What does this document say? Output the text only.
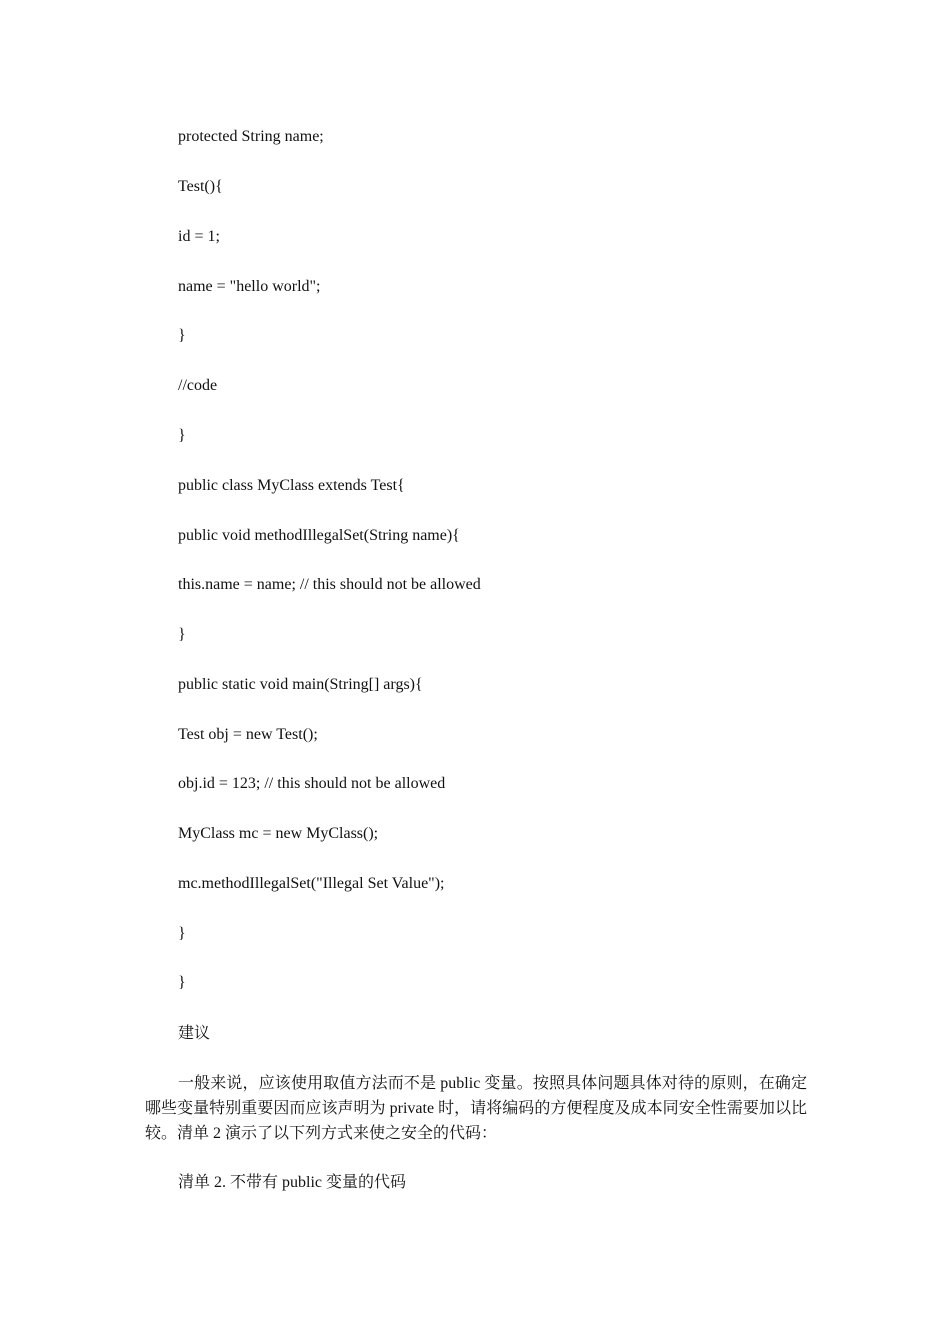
protected String name;
Test(){
id = 1;
name = "hello world";
}
//code
}
public class MyClass extends Test{
public void methodIllegalSet(String name){
this.name = name; // this should not be allowed
}
public static void main(String[] args){
Test obj = new Test();
obj.id = 123; // this should not be allowed
MyClass mc = new MyClass();
mc.methodIllegalSet("Illegal Set Value");
}
}
建议
一般来说，应该使用取值方法而不是 public 变量。按照具体问题具体对待的原则，在确定哪些变量特别重要因而应该声明为 private 时，请将编码的方便程度及成本同安全性需要加以比较。清单 2 演示了以下列方式来使之安全的代码：
清单 2. 不带有 public 变量的代码
